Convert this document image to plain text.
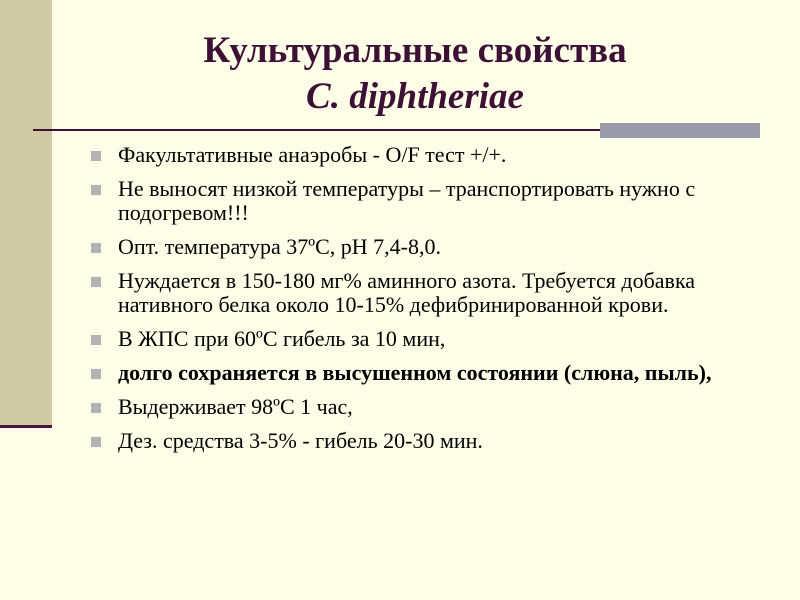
Культуральные свойства
C. diphtheriae
Факультативные анаэробы - O/F тест +/+.
Не выносят низкой температуры – транспортировать нужно с подогревом!!!
Опт. температура 37ºС, рН 7,4-8,0.
Нуждается в 150-180 мг% аминного азота. Требуется добавка нативного белка около 10-15% дефибринированной крови.
В ЖПС при 60ºС гибель за 10 мин,
долго сохраняется в высушенном состоянии (слюна, пыль),
Выдерживает 98ºС 1 час,
Дез. средства 3-5% - гибель 20-30 мин.
